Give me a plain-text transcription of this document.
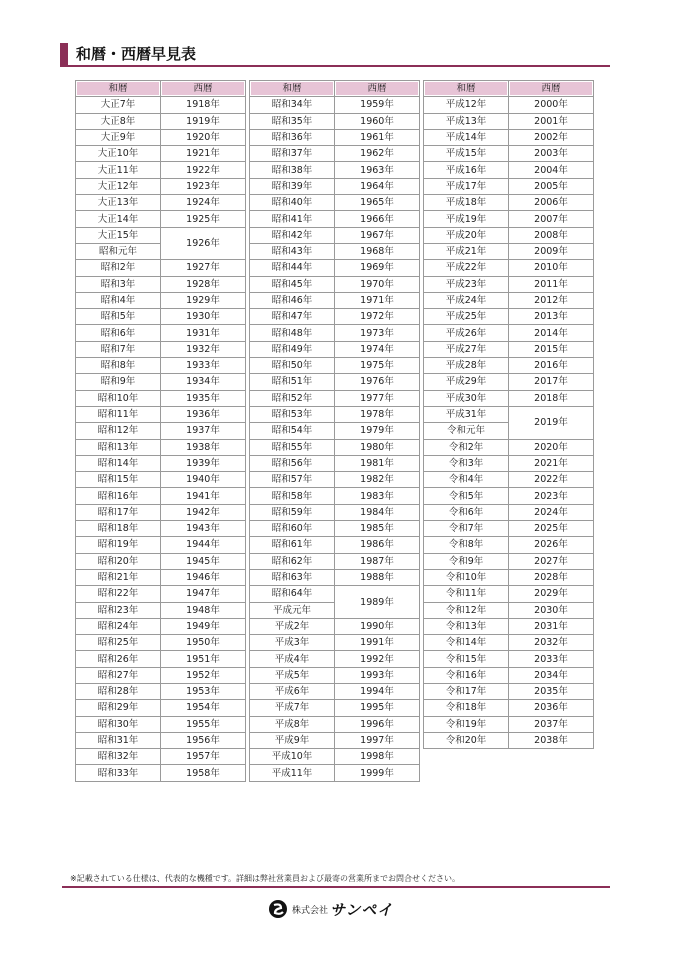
和暦・西暦早見表
和暦	西暦
大正7年	1918年
大正8年	1919年
大正9年	1920年
大正10年	1921年
大正11年	1922年
大正12年	1923年
大正13年	1924年
大正14年	1925年
大正15年	1926年
昭和元年	
昭和2年	1927年
昭和3年	1928年
昭和4年	1929年
昭和5年	1930年
昭和6年	1931年
昭和7年	1932年
昭和8年	1933年
昭和9年	1934年
昭和10年	1935年
昭和11年	1936年
昭和12年	1937年
昭和13年	1938年
昭和14年	1939年
昭和15年	1940年
昭和16年	1941年
昭和17年	1942年
昭和18年	1943年
昭和19年	1944年
昭和20年	1945年
昭和21年	1946年
昭和22年	1947年
昭和23年	1948年
昭和24年	1949年
昭和25年	1950年
昭和26年	1951年
昭和27年	1952年
昭和28年	1953年
昭和29年	1954年
昭和30年	1955年
昭和31年	1956年
昭和32年	1957年
昭和33年	1958年
和暦	西暦
昭和34年	1959年
昭和35年	1960年
昭和36年	1961年
昭和37年	1962年
昭和38年	1963年
昭和39年	1964年
昭和40年	1965年
昭和41年	1966年
昭和42年	1967年
昭和43年	1968年
昭和44年	1969年
昭和45年	1970年
昭和46年	1971年
昭和47年	1972年
昭和48年	1973年
昭和49年	1974年
昭和50年	1975年
昭和51年	1976年
昭和52年	1977年
昭和53年	1978年
昭和54年	1979年
昭和55年	1980年
昭和56年	1981年
昭和57年	1982年
昭和58年	1983年
昭和59年	1984年
昭和60年	1985年
昭和61年	1986年
昭和62年	1987年
昭和63年	1988年
昭和64年	1989年
平成元年	
平成2年	1990年
平成3年	1991年
平成4年	1992年
平成5年	1993年
平成6年	1994年
平成7年	1995年
平成8年	1996年
平成9年	1997年
平成10年	1998年
平成11年	1999年
和暦	西暦
平成12年	2000年
平成13年	2001年
平成14年	2002年
平成15年	2003年
平成16年	2004年
平成17年	2005年
平成18年	2006年
平成19年	2007年
平成20年	2008年
平成21年	2009年
平成22年	2010年
平成23年	2011年
平成24年	2012年
平成25年	2013年
平成26年	2014年
平成27年	2015年
平成28年	2016年
平成29年	2017年
平成30年	2018年
平成31年	2019年
令和元年	
令和2年	2020年
令和3年	2021年
令和4年	2022年
令和5年	2023年
令和6年	2024年
令和7年	2025年
令和8年	2026年
令和9年	2027年
令和10年	2028年
令和11年	2029年
令和12年	2030年
令和13年	2031年
令和14年	2032年
令和15年	2033年
令和16年	2034年
令和17年	2035年
令和18年	2036年
令和19年	2037年
令和20年	2038年
※記載されている仕様は、代表的な機種です。詳細は弊社営業員および最寄の営業所までお問合せください。
株式会社 サンペイ
